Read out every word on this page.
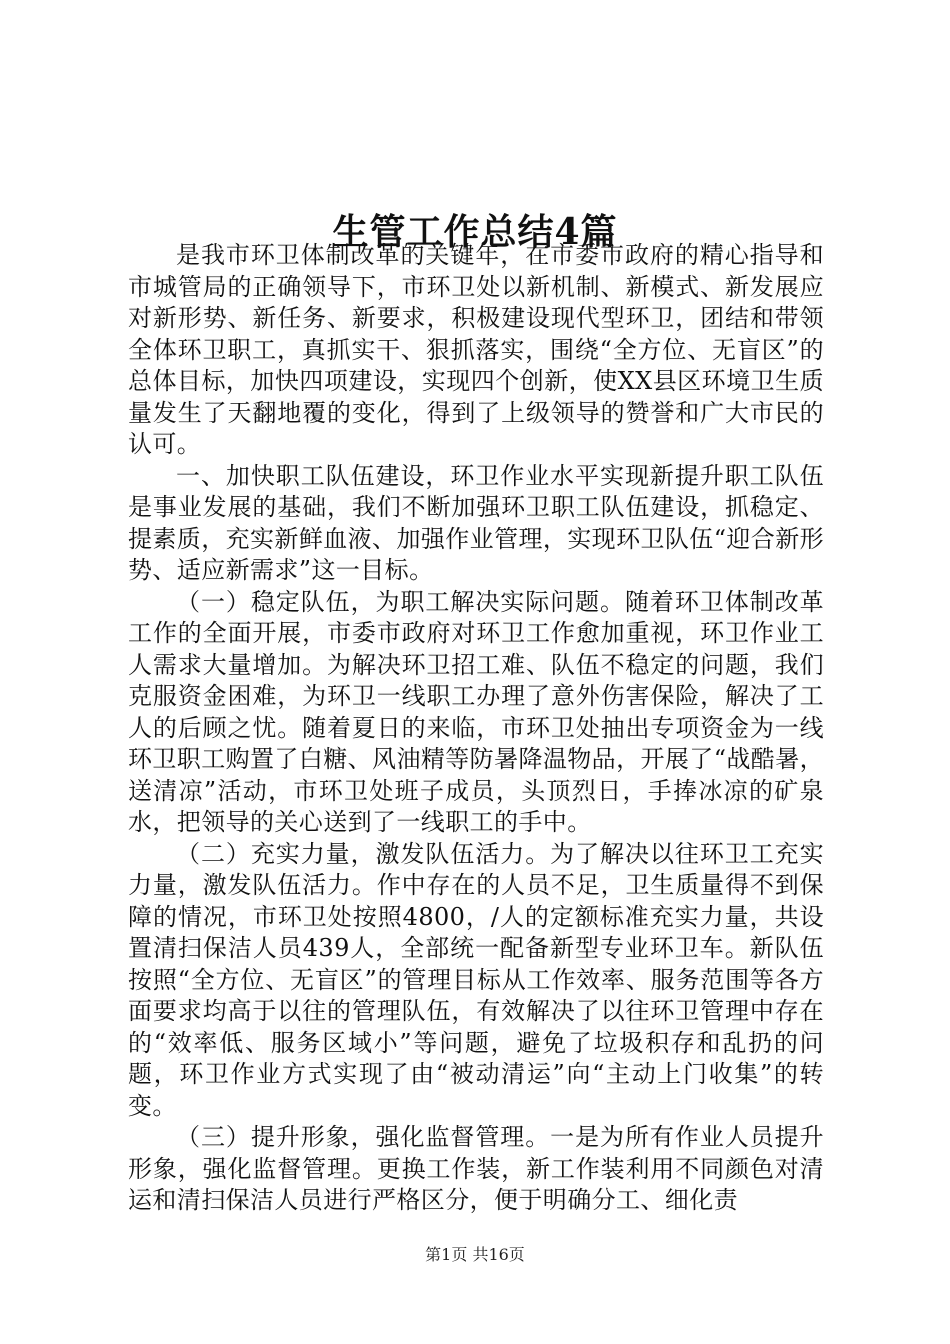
生管工作总结4篇

是我市环卫体制改革的关键年，在市委市政府的精心指导和市城管局的正确领导下，市环卫处以新机制、新模式、新发展应对新形势、新任务、新要求，积极建设现代型环卫，团结和带领全体环卫职工，真抓实干、狠抓落实，围绕“全方位、无盲区”的总体目标，加快四项建设，实现四个创新，使XX县区环境卫生质量发生了天翻地覆的变化，得到了上级领导的赞誉和广大市民的认可。

一、加快职工队伍建设，环卫作业水平实现新提升职工队伍是事业发展的基础，我们不断加强环卫职工队伍建设，抓稳定、提素质，充实新鲜血液、加强作业管理，实现环卫队伍“迎合新形势、适应新需求”这一目标。

（一）稳定队伍，为职工解决实际问题。随着环卫体制改革工作的全面开展，市委市政府对环卫工作愈加重视，环卫作业工人需求大量增加。为解决环卫招工难、队伍不稳定的问题，我们克服资金困难，为环卫一线职工办理了意外伤害保险，解决了工人的后顾之忧。随着夏日的来临，市环卫处抽出专项资金为一线环卫职工购置了白糖、风油精等防暑降温物品，开展了“战酷暑，送清凉”活动，市环卫处班子成员，头顶烈日，手捧冰凉的矿泉水，把领导的关心送到了一线职工的手中。

（二）充实力量，激发队伍活力。为了解决以往环卫工充实力量，激发队伍活力。作中存在的人员不足，卫生质量得不到保障的情况，市环卫处按照4800，/人的定额标准充实力量，共设置清扫保洁人员439人，全部统一配备新型专业环卫车。新队伍按照“全方位、无盲区”的管理目标从工作效率、服务范围等各方面要求均高于以往的管理队伍，有效解决了以往环卫管理中存在的“效率低、服务区域小”等问题，避免了垃圾积存和乱扔的问题，环卫作业方式实现了由“被动清运”向“主动上门收集”的转变。

（三）提升形象，强化监督管理。一是为所有作业人员提升形象，强化监督管理。更换工作装，新工作装利用不同颜色对清运和清扫保洁人员进行严格区分，便于明确分工、细化责

第1页 共16页
